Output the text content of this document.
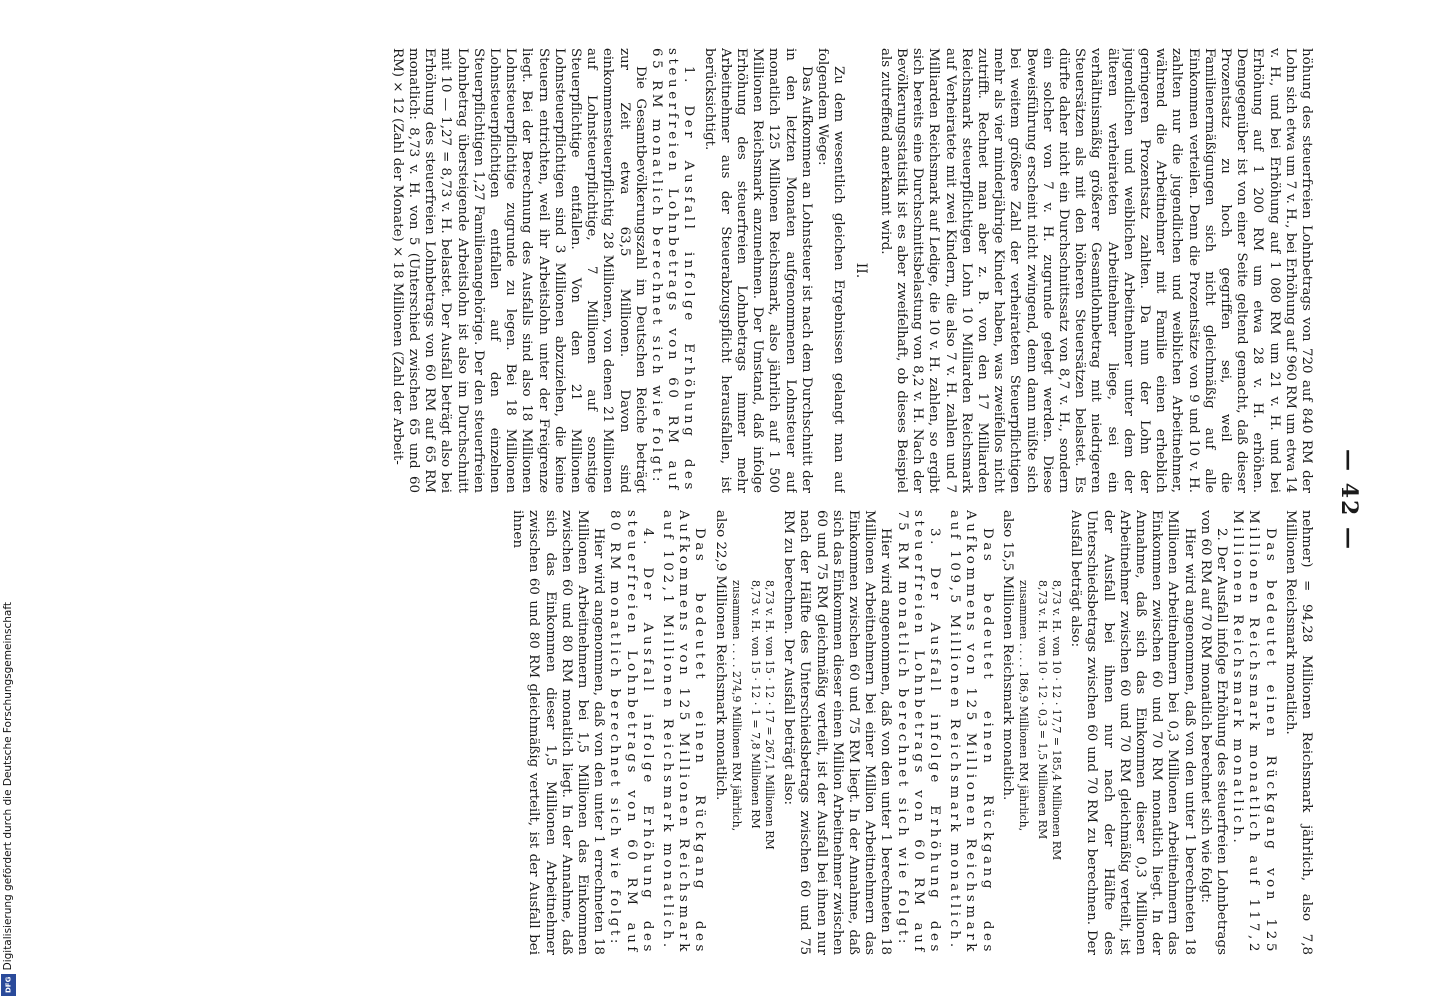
Digitalisierung gefördert durch die Deutsche Forschungsgemeinschaft
DFG
— 42 —

höhung des steuerfreien Lohnbetrags von 720 auf 840 RM der Lohn sich etwa um 7 v. H., bei Erhöhung auf 960 RM um etwa 14 v. H., und bei Erhöhung auf 1 080 RM um 21 v. H. und bei Erhöhung auf 1 200 RM um etwa 28 v. H. erhöhen. Demgegenüber ist von einer Seite geltend gemacht, daß dieser Prozentsatz zu hoch gegriffen sei, weil die Familienermäßigungen sich nicht gleichmäßig auf alle Einkommen verteilen. Denn die Prozentsätze von 9 und 10 v. H. zahlten nur die jugendlichen und weiblichen Arbeitnehmer, während die Arbeitnehmer mit Familie einen erheblich geringeren Prozentsatz zahlten. Da nun der Lohn der jugendlichen und weiblichen Arbeitnehmer unter dem der älteren verheirateten Arbeitnehmer liege, sei ein verhältnismäßig größerer Gesamtlohnbetrag mit niedrigeren Steuersätzen als mit den höheren Steuersätzen belastet. Es dürfte daher nicht ein Durchschnittssatz von 8,7 v. H., sondern ein solcher von 7 v. H. zugrunde gelegt werden. Diese Beweisführung erscheint nicht zwingend, denn dann müßte sich bei weitem größere Zahl der verheirateten Steuerpflichtigen mehr als vier minderjährige Kinder haben, was zweifellos nicht zutrifft. Rechnet man aber z. B. von den 17 Milliarden Reichsmark steuerpflichtigen Lohn 10 Milliarden Reichsmark auf Verheiratete mit zwei Kindern, die also 7 v. H. zahlen und 7 Milliarden Reichsmark auf Ledige, die 10 v. H. zahlen, so ergibt sich bereits eine Durchschnittsbelastung von 8,2 v. H. Nach der Bevölkerungsstatistik ist es aber zweifelhaft, ob dieses Beispiel als zutreffend anerkannt wird.

II.

Zu dem wesentlich gleichen Ergebnissen gelangt man auf folgendem Wege:

Das Aufkommen an Lohnsteuer ist nach dem Durchschnitt der in den letzten Monaten aufgenommenen Lohnsteuer auf monatlich 125 Millionen Reichsmark, also jährlich auf 1 500 Millionen Reichsmark anzunehmen. Der Umstand, daß infolge Erhöhung des steuerfreien Lohnbetrags immer mehr Arbeitnehmer aus der Steuerabzugspflicht herausfallen, ist berücksichtigt.

1. Der Ausfall infolge Erhöhung des steuerfreien Lohnbetrags von 60 RM auf 65 RM monatlich berechnet sich wie folgt:

Die Gesamtbevölkerungszahl im Deutschen Reiche beträgt zur Zeit etwa 63,5 Millionen. Davon sind einkommensteuerpflichtig 28 Millionen, von denen 21 Millionen auf Lohnsteuerpflichtige, 7 Millionen auf sonstige Steuerpflichtige entfallen. Von den 21 Millionen Lohnsteuerpflichtigen sind 3 Millionen abzuziehen, die keine Steuern entrichten, weil ihr Arbeitslohn unter der Freigrenze liegt. Bei der Berechnung des Ausfalls sind also 18 Millionen Lohnsteuerpflichtige zugrunde zu legen. Bei 18 Millionen Lohnsteuerpflichtigen entfallen auf den einzelnen Steuerpflichtigen 1,27 Familienangehörige. Der den steuerfreien Lohnbetrag übersteigende Arbeitslohn ist also im Durchschnitt mit 10 — 1,27 = 8,73 v. H. belastet. Der Ausfall beträgt also bei Erhöhung des steuerfreien Lohnbetrags von 60 RM auf 65 RM monatlich: 8,73 v. H. von 5 (Unterschied zwischen 65 und 60 RM) × 12 (Zahl der Monate) × 18 Millionen (Zahl der Arbeit-

nehmer) = 94,28 Millionen Reichsmark jährlich, also 7,8 Millionen Reichsmark monatlich.

Das bedeutet einen Rückgang von 125 Millionen Reichsmark monatlich auf 117,2 Millionen Reichsmark monatlich.

2. Der Ausfall infolge Erhöhung des steuerfreien Lohnbetrags von 60 RM auf 70 RM monatlich berechnet sich wie folgt:

Hier wird angenommen, daß von den unter 1 berechneten 18 Millionen Arbeitnehmern bei 0,3 Millionen Arbeitnehmern das Einkommen zwischen 60 und 70 RM monatlich liegt. In der Annahme, daß sich das Einkommen dieser 0,3 Millionen Arbeitnehmer zwischen 60 und 70 RM gleichmäßig verteilt, ist der Ausfall bei ihnen nur nach der Hälfte des Unterschiedsbetrags zwischen 60 und 70 RM zu berechnen. Der Ausfall beträgt also:

8,73 v. H. von 10 · 12 · 17,7 = 185,4 Millionen RM
8,73 v. H. von 10 · 12 · 0,3 = 1,5 Millionen RM

zusammen . . . . 186,9 Millionen RM jährlich,

also 15,5 Millionen Reichsmark monatlich.

Das bedeutet einen Rückgang des Aufkommens von 125 Millionen Reichsmark auf 109,5 Millionen Reichsmark monatlich.

3. Der Ausfall infolge Erhöhung des steuerfreien Lohnbetrags von 60 RM auf 75 RM monatlich berechnet sich wie folgt:

Hier wird angenommen, daß von den unter 1 berechneten 18 Millionen Arbeitnehmern bei einer Million Arbeitnehmern das Einkommen zwischen 60 und 75 RM liegt. In der Annahme, daß sich das Einkommen dieser einen Million Arbeitnehmer zwischen 60 und 75 RM gleichmäßig verteilt, ist der Ausfall bei ihnen nur nach der Hälfte des Unterschiedsbetrags zwischen 60 und 75 RM zu berechnen. Der Ausfall beträgt also:

8,73 v. H. von 15 · 12 · 17 = 267,1 Millionen RM
8,73 v. H. von 15 · 12 · 1 = 7,8 Millionen RM

zusammen . . . . 274,9 Millionen RM jährlich,

also 22,9 Millionen Reichsmark monatlich.

Das bedeutet einen Rückgang des Aufkommens von 125 Millionen Reichsmark auf 102,1 Millionen Reichsmark monatlich.

4. Der Ausfall infolge Erhöhung des steuerfreien Lohnbetrags von 60 RM auf 80 RM monatlich berechnet sich wie folgt:

Hier wird angenommen, daß von den unter 1 errechneten 18 Millionen Arbeitnehmern bei 1,5 Millionen das Einkommen zwischen 60 und 80 RM monatlich liegt. In der Annahme, daß sich das Einkommen dieser 1,5 Millionen Arbeitnehmer zwischen 60 und 80 RM gleichmäßig verteilt, ist der Ausfall bei ihnen
